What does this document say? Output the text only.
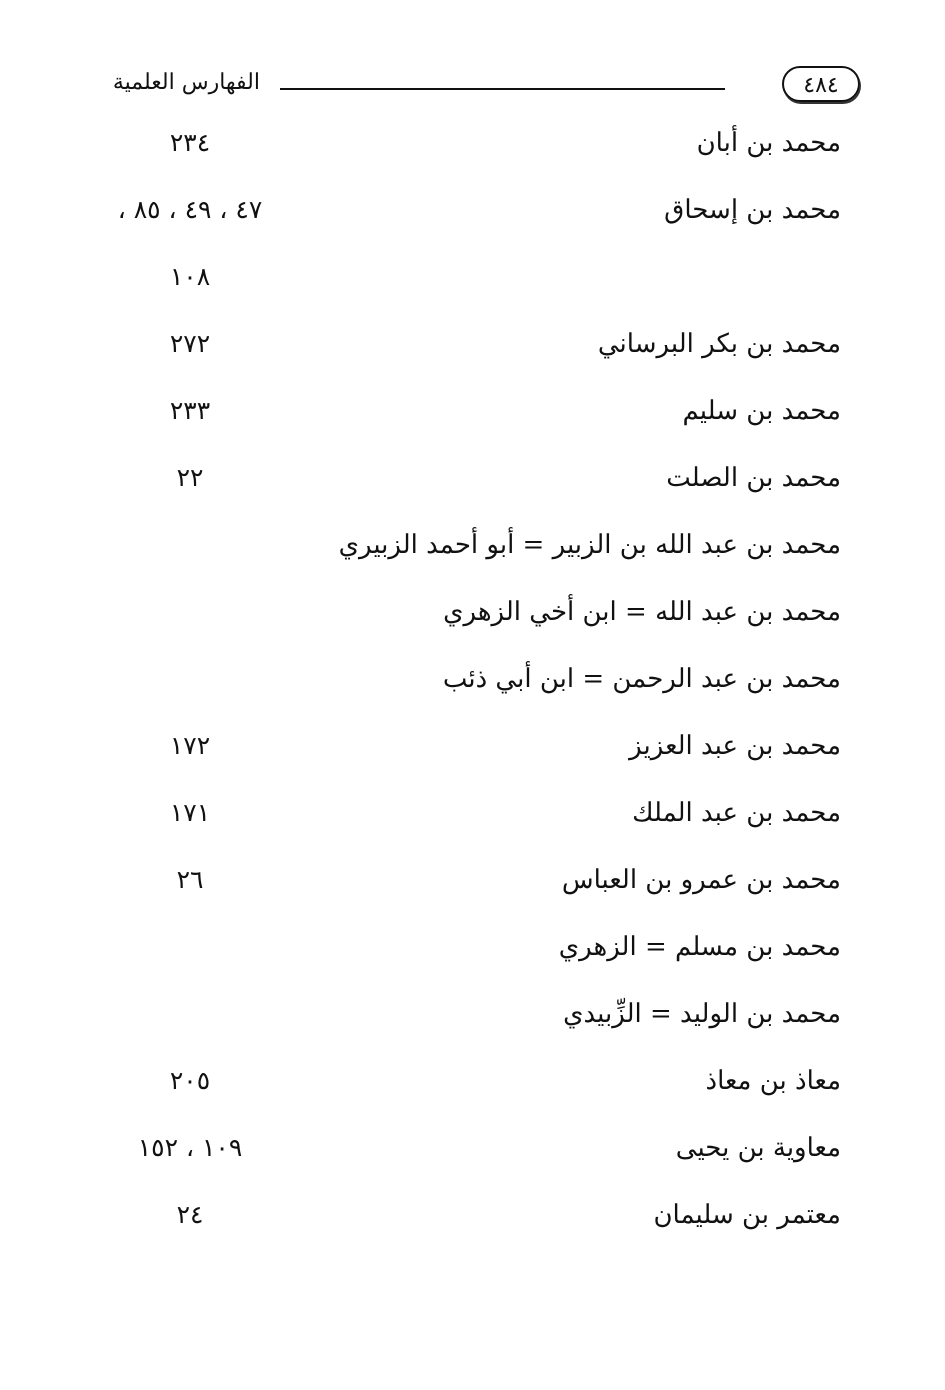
٤٨٤
الفهارس العلمية
محمد بن أبان
٢٣٤
محمد بن إسحاق
٤٧ ، ٤٩ ، ٨٥ ،
١٠٨
محمد بن بكر البرساني
٢٧٢
محمد بن سليم
٢٣٣
محمد بن الصلت
٢٢
محمد بن عبد الله بن الزبير = أبو أحمد الزبيري
محمد بن عبد الله = ابن أخي الزهري
محمد بن عبد الرحمن = ابن أبي ذئب
محمد بن عبد العزيز
١٧٢
محمد بن عبد الملك
١٧١
محمد بن عمرو بن العباس
٢٦
محمد بن مسلم = الزهري
محمد بن الوليد = الزِّبيدي
معاذ بن معاذ
٢٠٥
معاوية بن يحيى
١٠٩ ، ١٥٢
معتمر بن سليمان
٢٤
